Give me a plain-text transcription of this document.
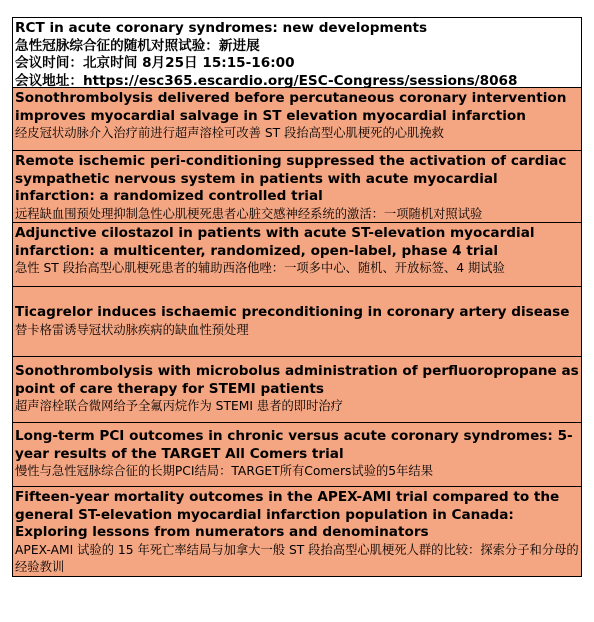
RCT in acute coronary syndromes: new developments
急性冠脉综合征的随机对照试验：新进展
会议时间：北京时间 8月25日 15:15-16:00
会议地址：https://esc365.escardio.org/ESC-Congress/sessions/8068
Sonothrombolysis delivered before percutaneous coronary intervention improves myocardial salvage in ST elevation myocardial infarction
经皮冠状动脉介入治疗前进行超声溶栓可改善 ST 段抬高型心肌梗死的心肌挽救
Remote ischemic peri-conditioning suppressed the activation of cardiac sympathetic nervous system in patients with acute myocardial infarction: a randomized controlled trial
远程缺血围预处理抑制急性心肌梗死患者心脏交感神经系统的激活：一项随机对照试验
Adjunctive cilostazol in patients with acute ST-elevation myocardial infarction: a multicenter, randomized, open-label, phase 4 trial
急性 ST 段抬高型心肌梗死患者的辅助西洛他唑：一项多中心、随机、开放标签、4 期试验
Ticagrelor induces ischaemic preconditioning in coronary artery disease
替卡格雷诱导冠状动脉疾病的缺血性预处理
Sonothrombolysis with microbolus administration of perfluoropropane as point of care therapy for STEMI patients
超声溶栓联合微网给予全氟丙烷作为 STEMI 患者的即时治疗
Long-term PCI outcomes in chronic versus acute coronary syndromes: 5-year results of the TARGET All Comers trial
慢性与急性冠脉综合征的长期PCI结局：TARGET所有Comers试验的5年结果
Fifteen-year mortality outcomes in the APEX-AMI trial compared to the general ST-elevation myocardial infarction population in Canada: Exploring lessons from numerators and denominators
APEX-AMI 试验的 15 年死亡率结局与加拿大一般 ST 段抬高型心肌梗死人群的比较：探索分子和分母的经验教训
